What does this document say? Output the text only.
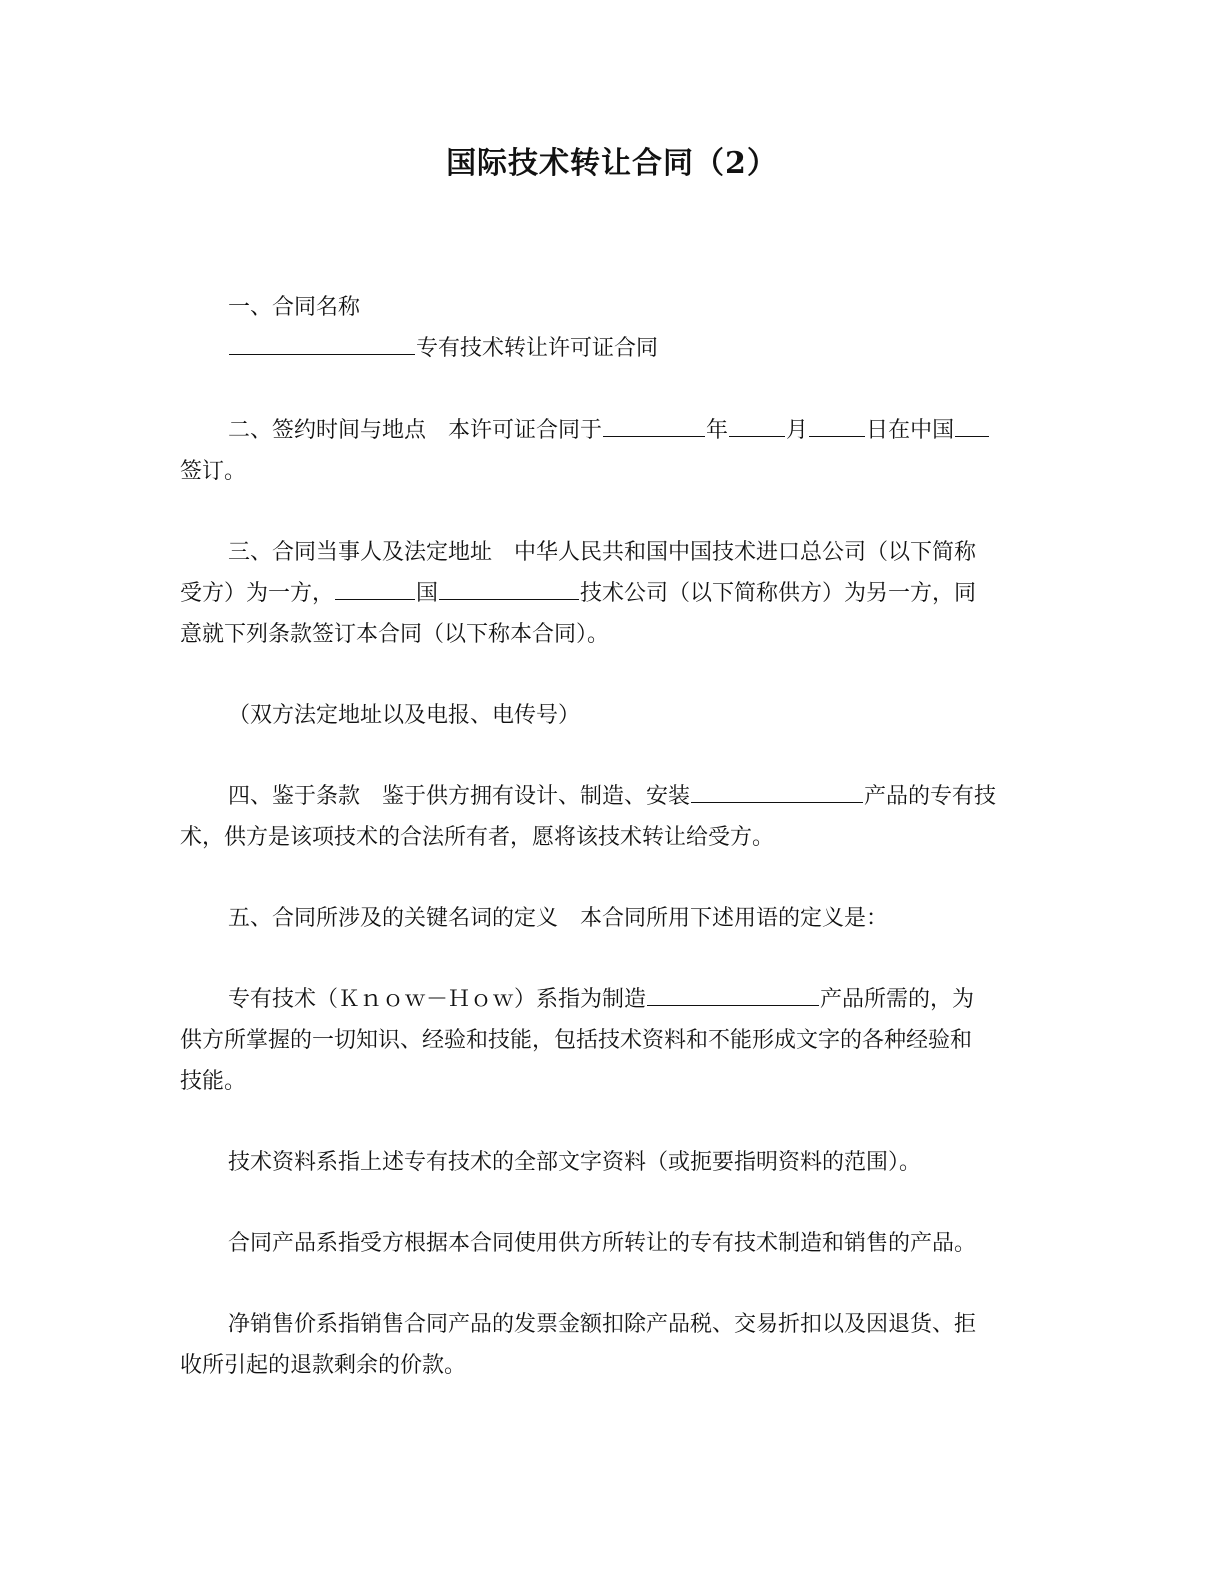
国际技术转让合同（2）
一、合同名称
专有技术转让许可证合同
二、签约时间与地点 本许可证合同于	年	月	日在中国
签订。
三、合同当事人及法定地址 中华人民共和国中国技术进口总公司（以下简称
受方）为一方，	国	技术公司（以下简称供方）为另一方，同
意就下列条款签订本合同（以下称本合同）。
（双方法定地址以及电报、电传号）
四、鉴于条款 鉴于供方拥有设计、制造、安装	产品的专有技
术，供方是该项技术的合法所有者，愿将该技术转让给受方。
五、合同所涉及的关键名词的定义 本合同所用下述用语的定义是：
专有技术（Ｋｎｏｗ－Ｈｏｗ）系指为制造	产品所需的，为
供方所掌握的一切知识、经验和技能，包括技术资料和不能形成文字的各种经验和
技能。
技术资料系指上述专有技术的全部文字资料（或扼要指明资料的范围）。
合同产品系指受方根据本合同使用供方所转让的专有技术制造和销售的产品。
净销售价系指销售合同产品的发票金额扣除产品税、交易折扣以及因退货、拒
收所引起的退款剩余的价款。
